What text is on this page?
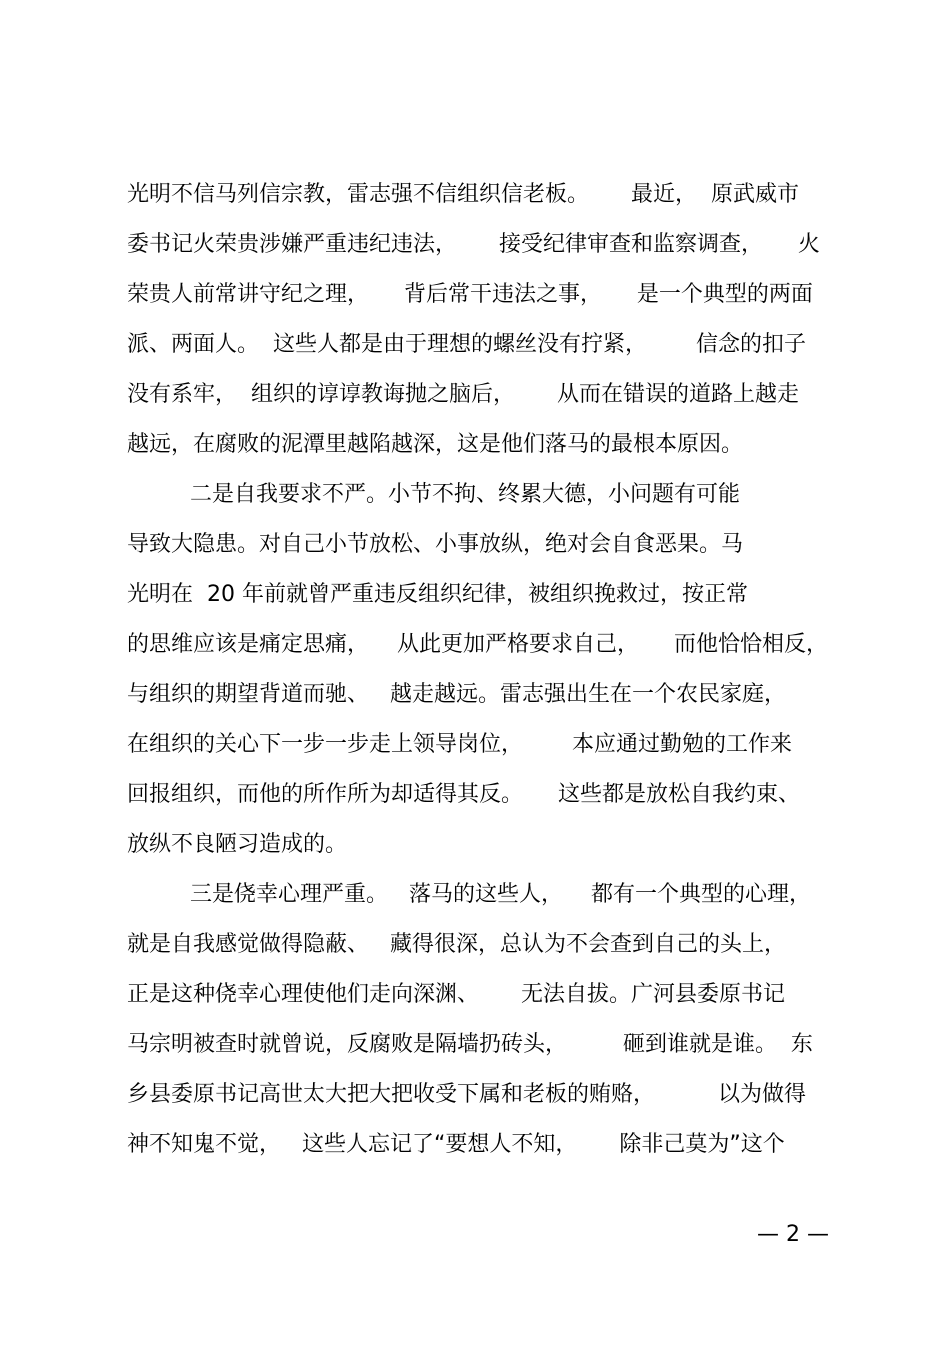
光明不信马列信宗教，雷志强不信组织信老板。      最近，  原武威市

委书记火荣贵涉嫌严重违纪违法，      接受纪律审查和监察调查，     火

荣贵人前常讲守纪之理，     背后常干违法之事，     是一个典型的两面

派、两面人。  这些人都是由于理想的螺丝没有拧紧，       信念的扣子

没有系牢，  组织的谆谆教诲抛之脑后，      从而在错误的道路上越走

越远，在腐败的泥潭里越陷越深，这是他们落马的最根本原因。

二是自我要求不严。小节不拘、终累大德，小问题有可能

导致大隐患。对自己小节放松、小事放纵，绝对会自食恶果。马

光明在  20 年前就曾严重违反组织纪律，被组织挽救过，按正常

的思维应该是痛定思痛，    从此更加严格要求自己，     而他恰恰相反，

与组织的期望背道而驰、   越走越远。雷志强出生在一个农民家庭，

在组织的关心下一步一步走上领导岗位，       本应通过勤勉的工作来

回报组织，而他的所作所为却适得其反。     这些都是放松自我约束、

放纵不良陋习造成的。

三是侥幸心理严重。   落马的这些人，    都有一个典型的心理，

就是自我感觉做得隐蔽、   藏得很深，总认为不会查到自己的头上，

正是这种侥幸心理使他们走向深渊、      无法自拔。广河县委原书记

马宗明被查时就曾说，反腐败是隔墙扔砖头，        砸到谁就是谁。  东

乡县委原书记高世太大把大把收受下属和老板的贿赂，         以为做得

神不知鬼不觉，   这些人忘记了“要想人不知，      除非己莫为”这个

— 2 —
